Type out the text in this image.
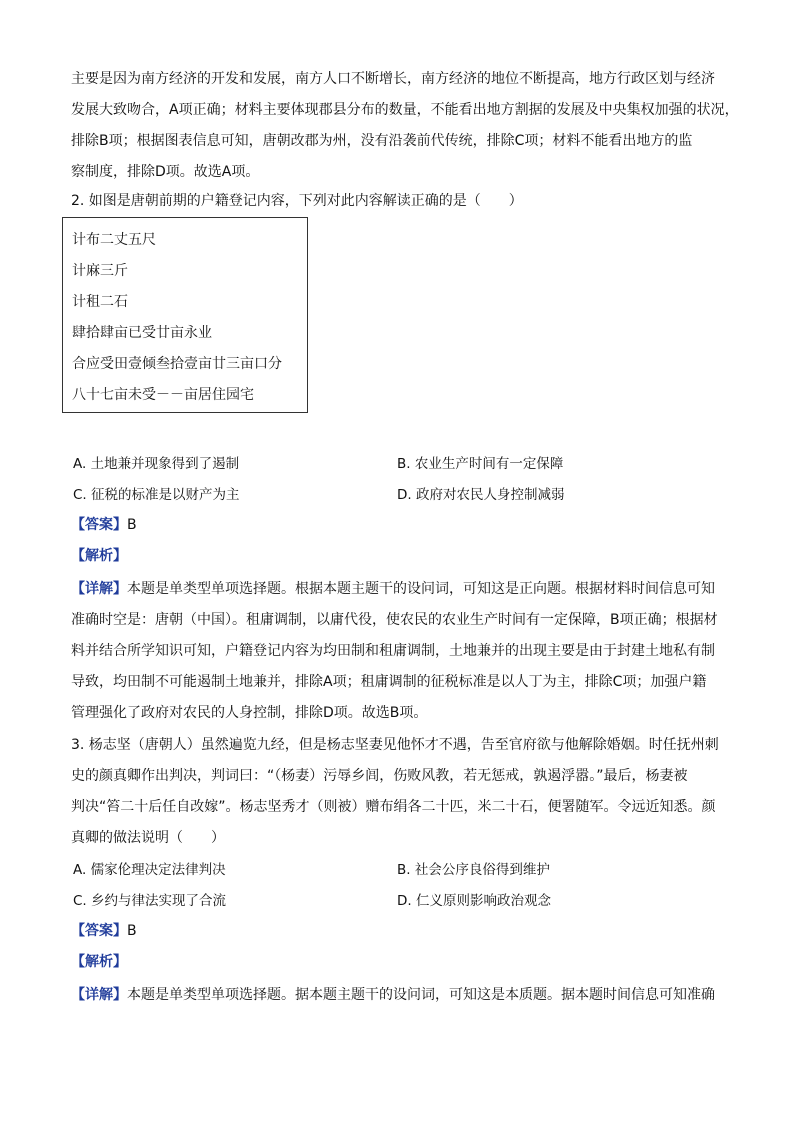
主要是因为南方经济的开发和发展，南方人口不断增长，南方经济的地位不断提高，地方行政区划与经济
发展大致吻合，A项正确；材料主要体现郡县分布的数量，不能看出地方割据的发展及中央集权加强的状况，
排除B项；根据图表信息可知，唐朝改郡为州，没有沿袭前代传统，排除C项；材料不能看出地方的监
察制度，排除D项。故选A项。
2. 如图是唐朝前期的户籍登记内容，下列对此内容解读正确的是（　　）
计布二丈五尺
计麻三斤
计租二石
肆拾肆亩已受廿亩永业
合应受田壹倾叁拾壹亩廿三亩口分
八十七亩未受－－亩居住园宅
A. 土地兼并现象得到了遏制	B. 农业生产时间有一定保障
C. 征税的标准是以财产为主	D. 政府对农民人身控制减弱
【答案】B
【解析】
【详解】本题是单类型单项选择题。根据本题主题干的设问词，可知这是正向题。根据材料时间信息可知
准确时空是：唐朝（中国）。租庸调制，以庸代役，使农民的农业生产时间有一定保障，B项正确；根据材
料并结合所学知识可知，户籍登记内容为均田制和租庸调制，土地兼并的出现主要是由于封建土地私有制
导致，均田制不可能遏制土地兼并，排除A项；租庸调制的征税标准是以人丁为主，排除C项；加强户籍
管理强化了政府对农民的人身控制，排除D项。故选B项。
3. 杨志坚（唐朝人）虽然遍览九经，但是杨志坚妻见他怀才不遇，告至官府欲与他解除婚姻。时任抚州刺
史的颜真卿作出判决，判词曰：“（杨妻）污辱乡闾，伤败风教，若无惩戒，孰遏浮嚣。”最后，杨妻被
判决“笞二十后任自改嫁”。杨志坚秀才（则被）赠布绢各二十匹，米二十石，便署随军。令远近知悉。颜
真卿的做法说明（　　）
A. 儒家伦理决定法律判决	B. 社会公序良俗得到维护
C. 乡约与律法实现了合流	D. 仁义原则影响政治观念
【答案】B
【解析】
【详解】本题是单类型单项选择题。据本题主题干的设问词，可知这是本质题。据本题时间信息可知准确
